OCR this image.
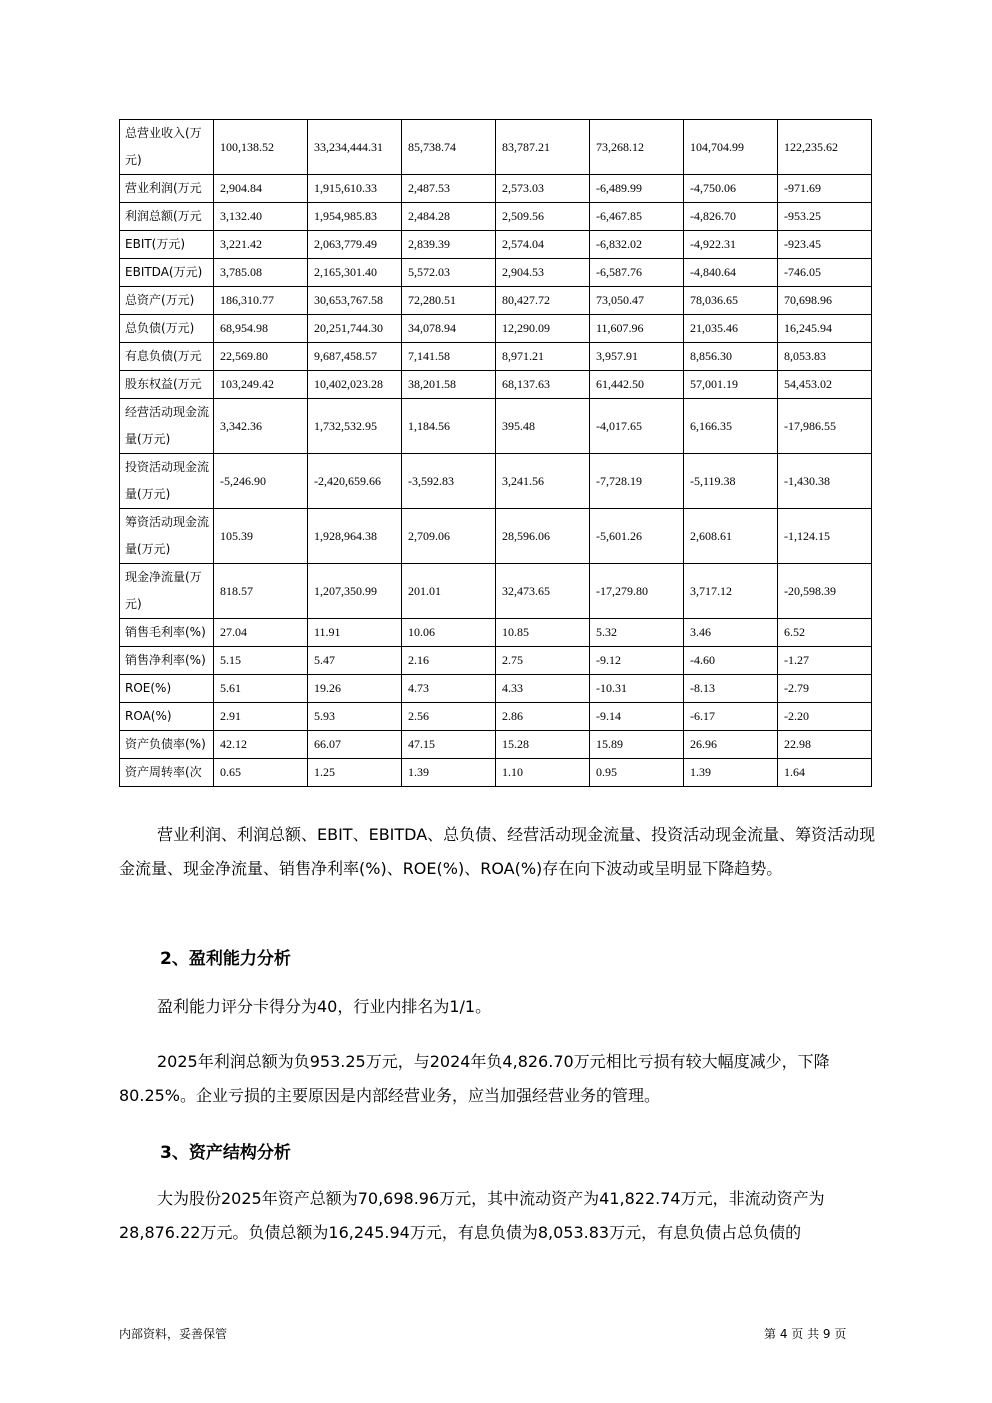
总营业收入(万元)	100,138.52	33,234,444.31	85,738.74	83,787.21	73,268.12	104,704.99	122,235.62
营业利润(万元	2,904.84	1,915,610.33	2,487.53	2,573.03	-6,489.99	-4,750.06	-971.69
利润总额(万元	3,132.40	1,954,985.83	2,484.28	2,509.56	-6,467.85	-4,826.70	-953.25
EBIT(万元)	3,221.42	2,063,779.49	2,839.39	2,574.04	-6,832.02	-4,922.31	-923.45
EBITDA(万元)	3,785.08	2,165,301.40	5,572.03	2,904.53	-6,587.76	-4,840.64	-746.05
总资产(万元)	186,310.77	30,653,767.58	72,280.51	80,427.72	73,050.47	78,036.65	70,698.96
总负债(万元)	68,954.98	20,251,744.30	34,078.94	12,290.09	11,607.96	21,035.46	16,245.94
有息负债(万元	22,569.80	9,687,458.57	7,141.58	8,971.21	3,957.91	8,856.30	8,053.83
股东权益(万元	103,249.42	10,402,023.28	38,201.58	68,137.63	61,442.50	57,001.19	54,453.02
经营活动现金流量(万元)	3,342.36	1,732,532.95	1,184.56	395.48	-4,017.65	6,166.35	-17,986.55
投资活动现金流量(万元)	-5,246.90	-2,420,659.66	-3,592.83	3,241.56	-7,728.19	-5,119.38	-1,430.38
筹资活动现金流量(万元)	105.39	1,928,964.38	2,709.06	28,596.06	-5,601.26	2,608.61	-1,124.15
现金净流量(万元)	818.57	1,207,350.99	201.01	32,473.65	-17,279.80	3,717.12	-20,598.39
销售毛利率(%)	27.04	11.91	10.06	10.85	5.32	3.46	6.52
销售净利率(%)	5.15	5.47	2.16	2.75	-9.12	-4.60	-1.27
ROE(%)	5.61	19.26	4.73	4.33	-10.31	-8.13	-2.79
ROA(%)	2.91	5.93	2.56	2.86	-9.14	-6.17	-2.20
资产负债率(%)	42.12	66.07	47.15	15.28	15.89	26.96	22.98
资产周转率(次	0.65	1.25	1.39	1.10	0.95	1.39	1.64
营业利润、利润总额、EBIT、EBITDA、总负债、经营活动现金流量、投资活动现金流量、筹资活动现金流量、现金净流量、销售净利率(%)、ROE(%)、ROA(%)存在向下波动或呈明显下降趋势。
2、盈利能力分析
盈利能力评分卡得分为40，行业内排名为1/1。
2025年利润总额为负953.25万元，与2024年负4,826.70万元相比亏损有较大幅度减少，下降80.25%。企业亏损的主要原因是内部经营业务，应当加强经营业务的管理。
3、资产结构分析
大为股份2025年资产总额为70,698.96万元，其中流动资产为41,822.74万元，非流动资产为28,876.22万元。负债总额为16,245.94万元，有息负债为8,053.83万元，有息负债占总负债的
内部资料，妥善保管	第 4 页 共 9 页
